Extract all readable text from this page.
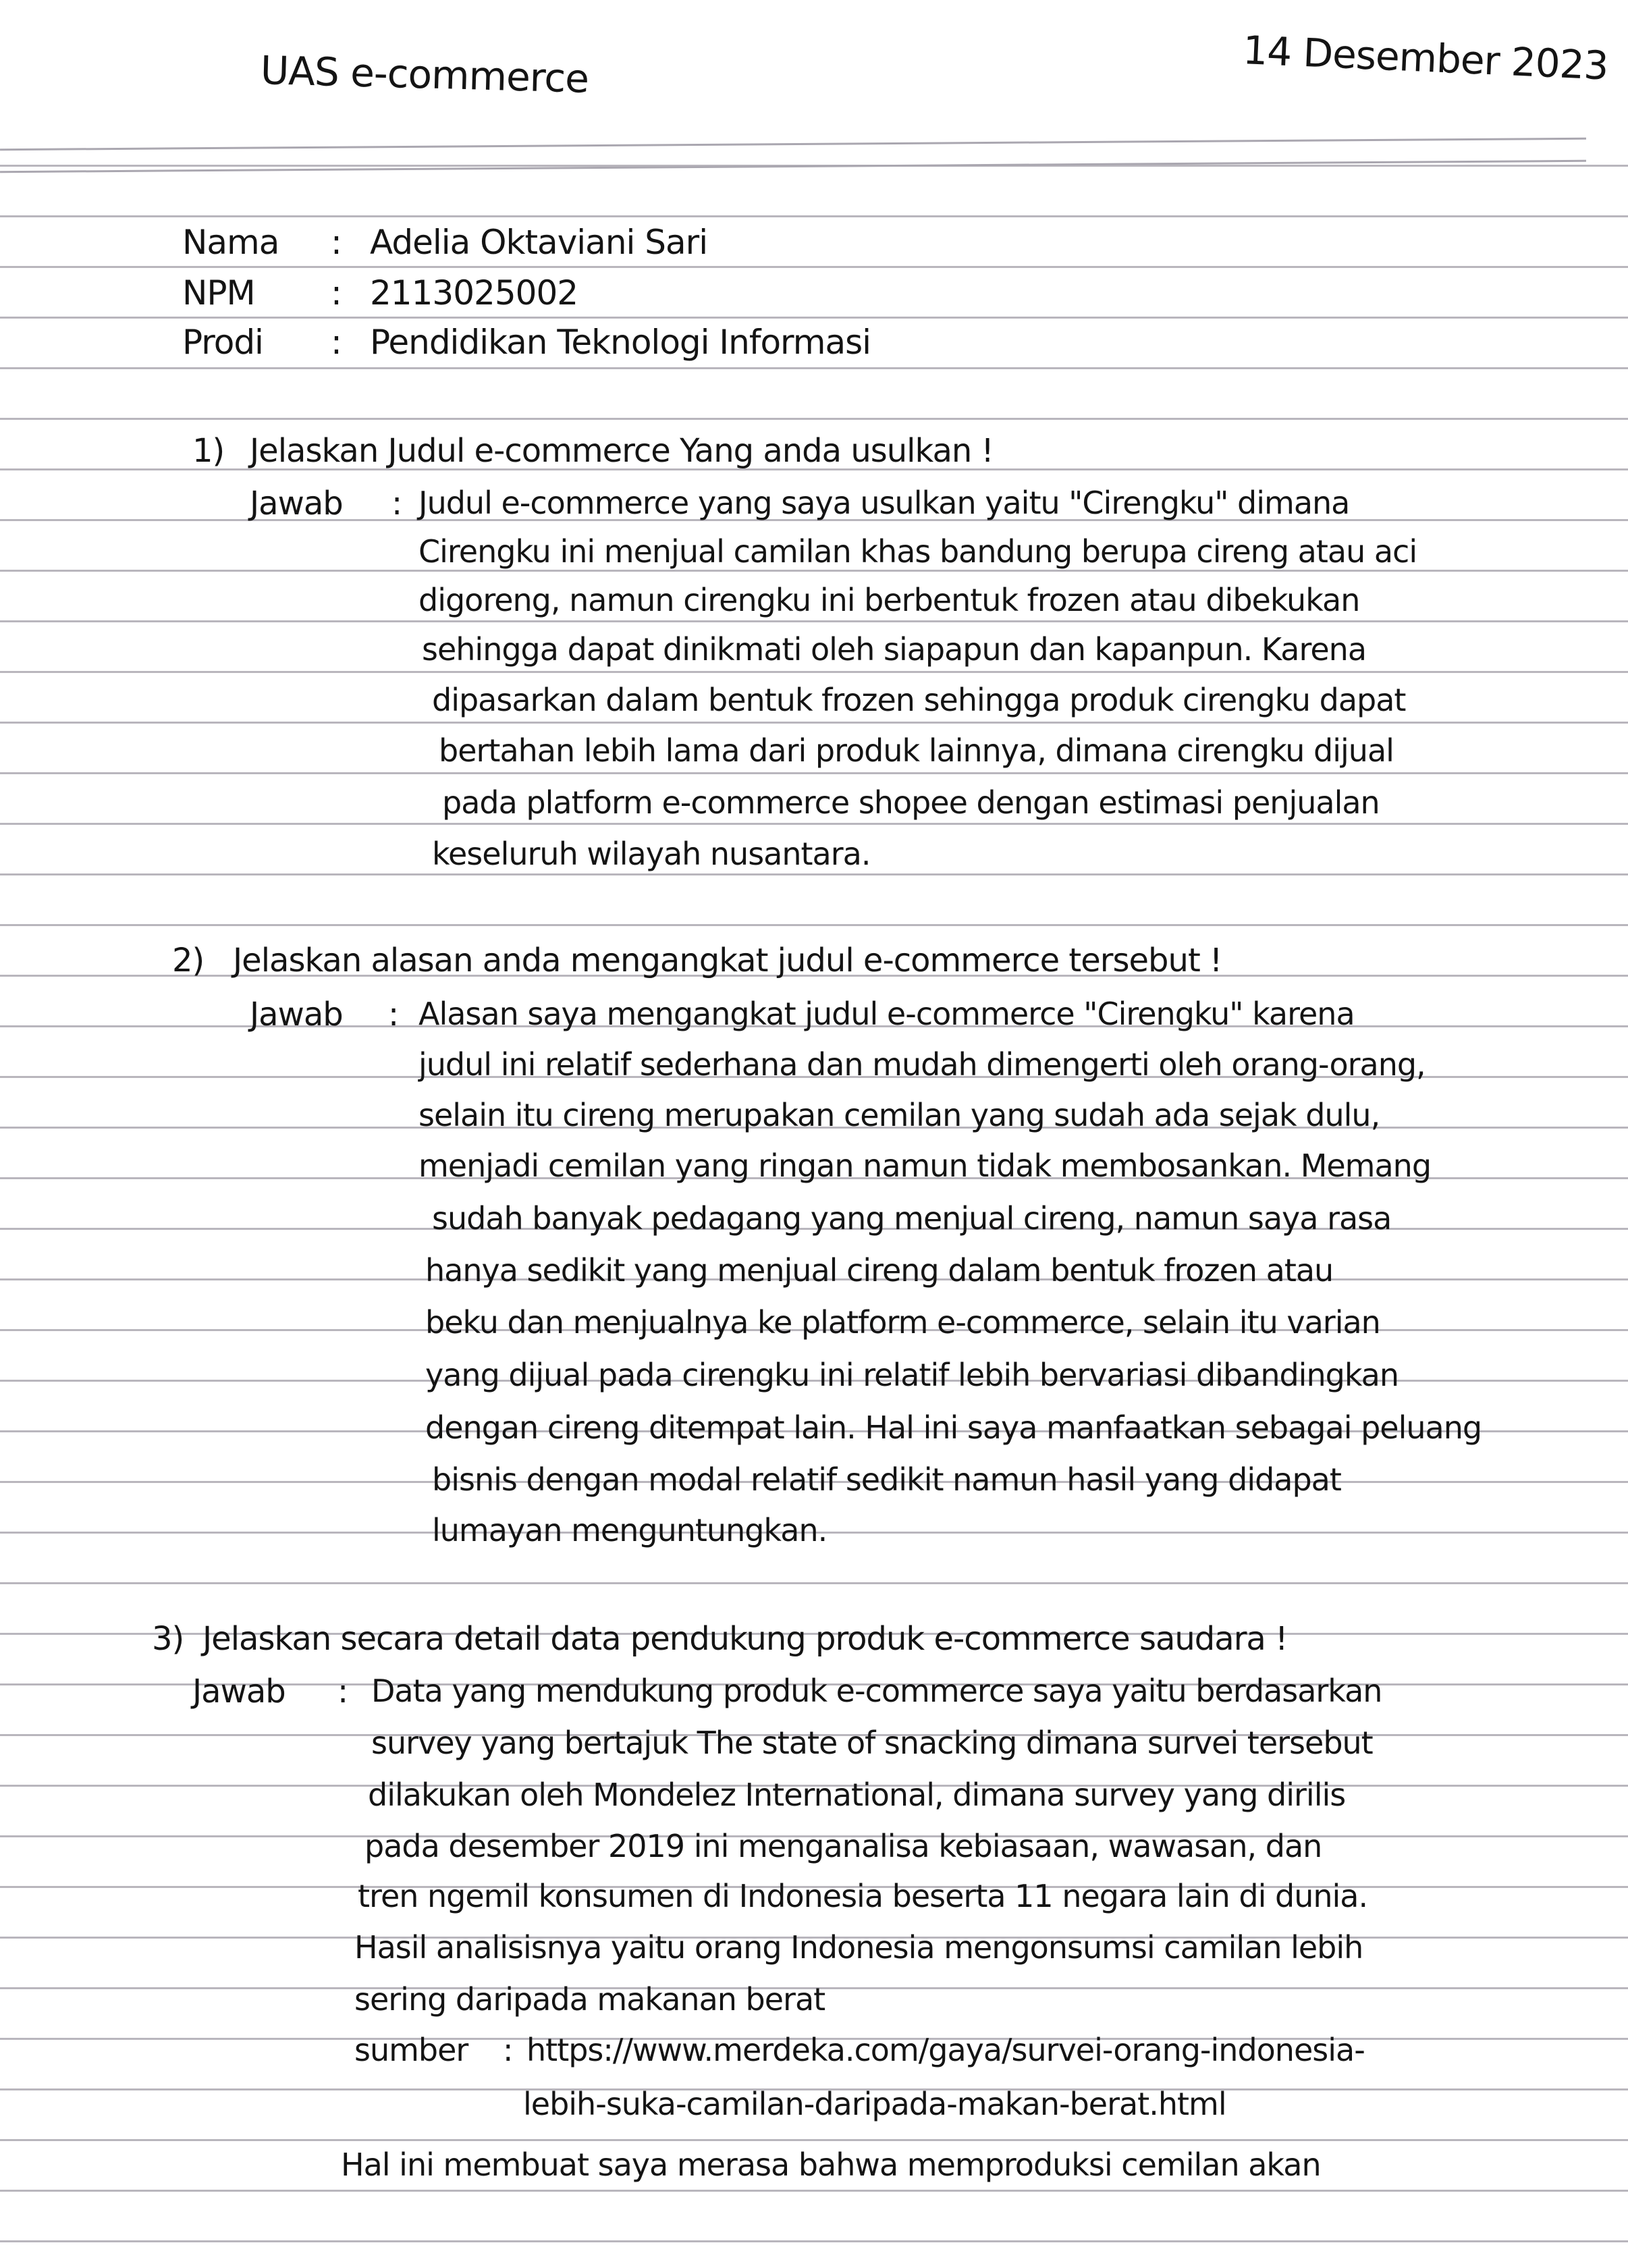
UAS e-commerce	14 Desember 2023
Nama : Adelia Oktaviani Sari
NPM : 2113025002
Prodi : Pendidikan Teknologi Informasi
1) Jelaskan Judul e-commerce Yang anda usulkan !
Jawab : Judul e-commerce yang saya usulkan yaitu "Cirengku" dimana
Cirengku ini menjual camilan khas bandung berupa cireng atau aci
digoreng, namun cirengku ini berbentuk frozen atau dibekukan
sehingga dapat dinikmati oleh siapapun dan kapanpun. Karena
dipasarkan dalam bentuk frozen sehingga produk cirengku dapat
bertahan lebih lama dari produk lainnya, dimana cirengku dijual
pada platform e-commerce shopee dengan estimasi penjualan
keseluruh wilayah nusantara.
2) Jelaskan alasan anda mengangkat judul e-commerce tersebut !
Jawab : Alasan saya mengangkat judul e-commerce "Cirengku" karena
judul ini relatif sederhana dan mudah dimengerti oleh orang-orang,
selain itu cireng merupakan cemilan yang sudah ada sejak dulu,
menjadi cemilan yang ringan namun tidak membosankan. Memang
sudah banyak pedagang yang menjual cireng, namun saya rasa
hanya sedikit yang menjual cireng dalam bentuk frozen atau
beku dan menjualnya ke platform e-commerce, selain itu varian
yang dijual pada cirengku ini relatif lebih bervariasi dibandingkan
dengan cireng ditempat lain. Hal ini saya manfaatkan sebagai peluang
bisnis dengan modal relatif sedikit namun hasil yang didapat
lumayan menguntungkan.
3) Jelaskan secara detail data pendukung produk e-commerce saudara !
Jawab : Data yang mendukung produk e-commerce saya yaitu berdasarkan
survey yang bertajuk The state of snacking dimana survei tersebut
dilakukan oleh Mondelez International, dimana survey yang dirilis
pada desember 2019 ini menganalisa kebiasaan, wawasan, dan
tren ngemil konsumen di Indonesia beserta 11 negara lain di dunia.
Hasil analisisnya yaitu orang Indonesia mengonsumsi camilan lebih
sering daripada makanan berat
sumber : https://www.merdeka.com/gaya/survei-orang-indonesia-
lebih-suka-camilan-daripada-makan-berat.html
Hal ini membuat saya merasa bahwa memproduksi cemilan akan
